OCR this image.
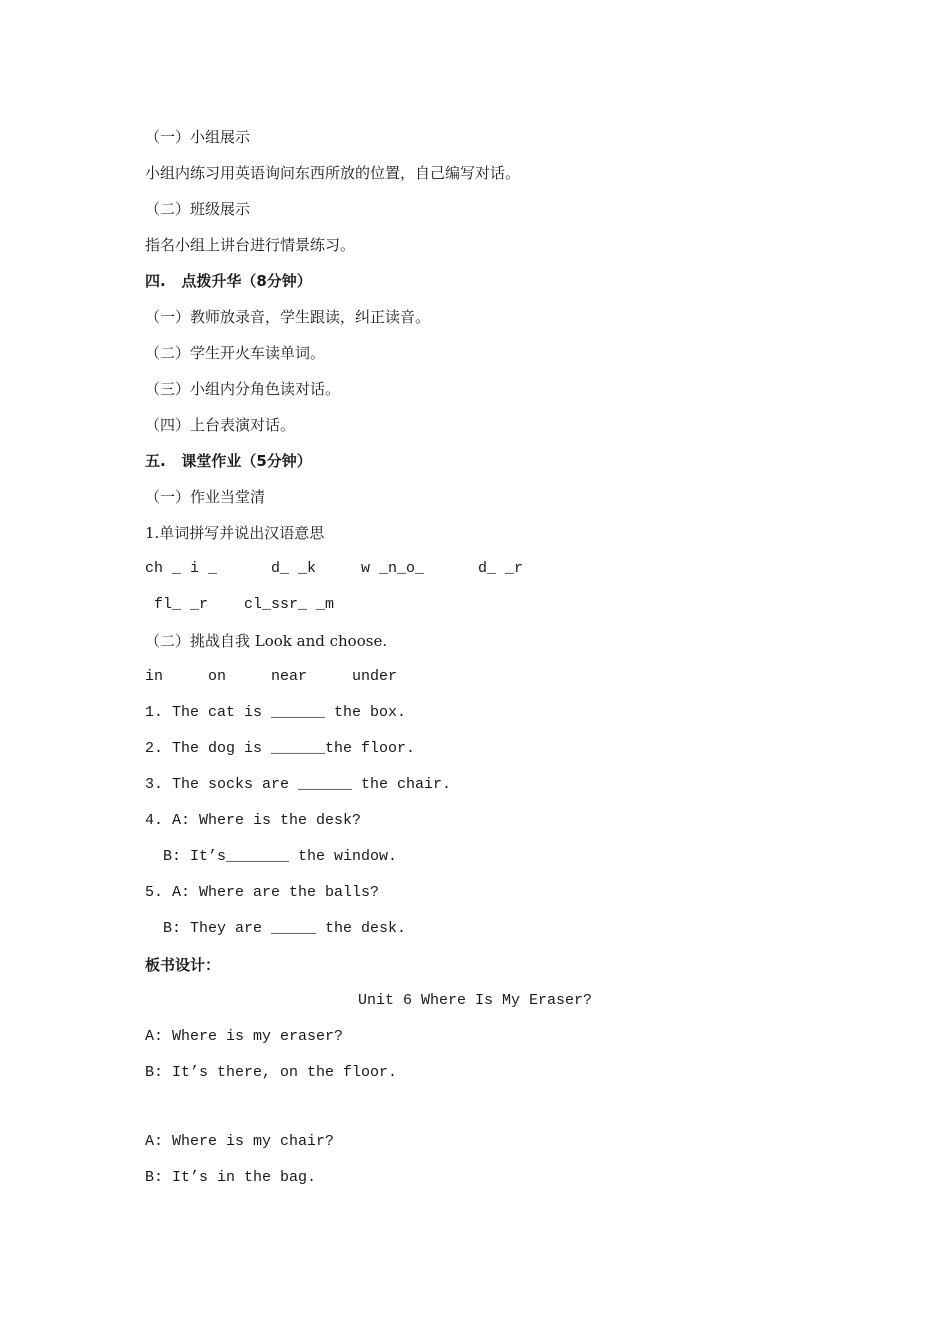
（一）小组展示
小组内练习用英语询问东西所放的位置，自己编写对话。
（二）班级展示
指名小组上讲台进行情景练习。
四.   点拨升华（8分钟）
（一）教师放录音，学生跟读，纠正读音。
（二）学生开火车读单词。
（三）小组内分角色读对话。
（四）上台表演对话。
五.   课堂作业（5分钟）
（一）作业当堂清
1.单词拼写并说出汉语意思
ch _ i _      d_ _k     w _n_o_      d_ _r
fl_ _r    cl_ssr_ _m
（二）挑战自我 Look and choose.
in     on     near     under
1. The cat is ______ the box.
2. The dog is ______the floor.
3. The socks are ______ the chair.
4. A: Where is the desk?
B: It’s_______ the window.
5. A: Where are the balls?
B: They are _____ the desk.
板书设计：
Unit 6 Where Is My Eraser?
A: Where is my eraser?
B: It’s there, on the floor.
A: Where is my chair?
B: It’s in the bag.
